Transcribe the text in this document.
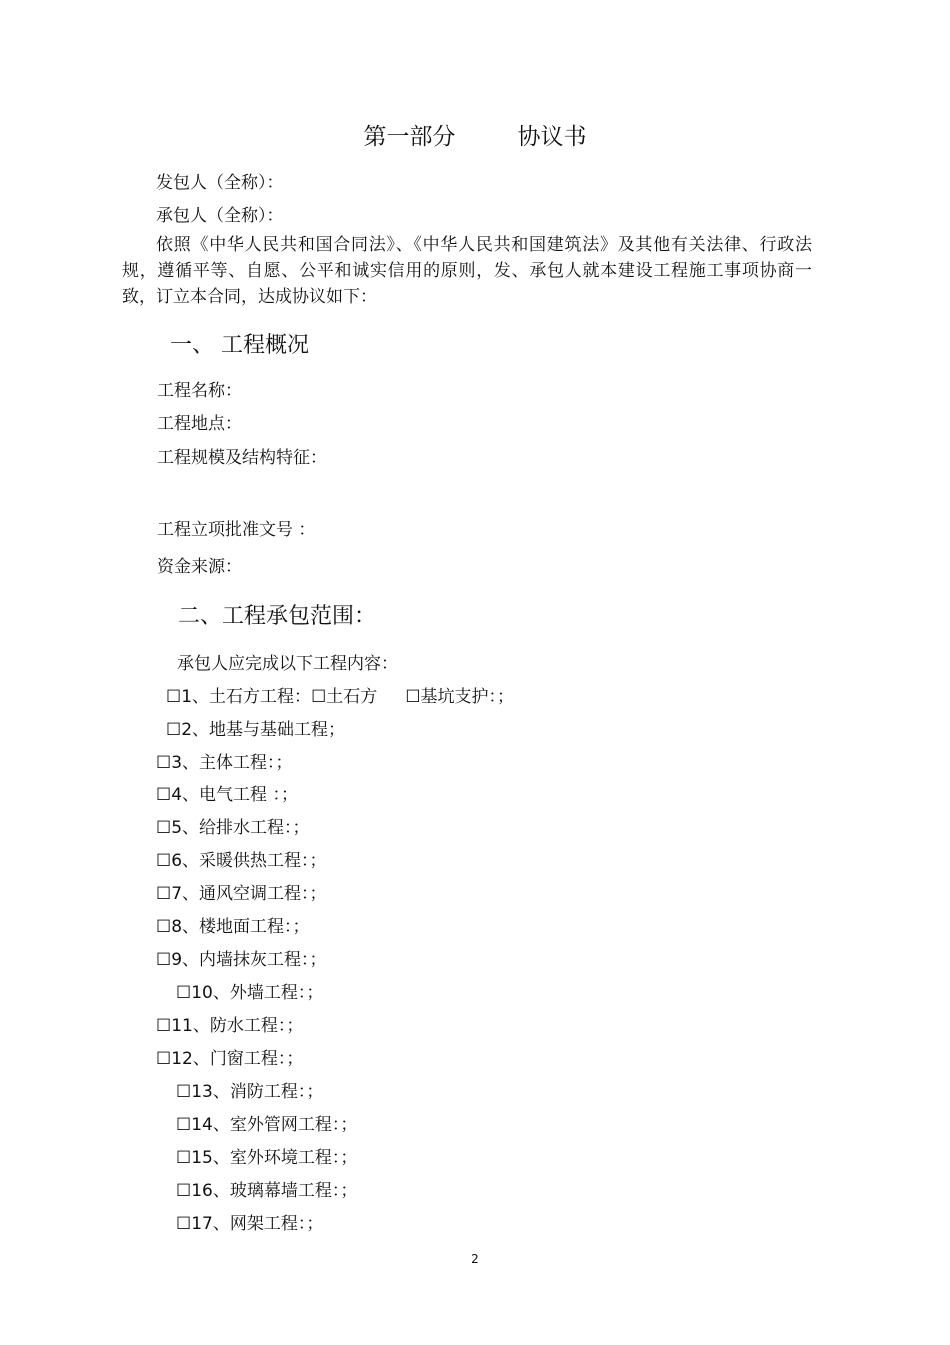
第一部分	协议书
发包人（全称）：
承包人（全称）：
依照《中华人民共和国合同法》、《中华人民共和国建筑法》及其他有关法律、行政法规，遵循平等、自愿、公平和诚实信用的原则，发、承包人就本建设工程施工事项协商一致，订立本合同，达成协议如下：
一、 工程概况
工程名称：
工程地点：
工程规模及结构特征：
工程立项批准文号 ：
资金来源：
二、工程承包范围：
承包人应完成以下工程内容：
☐1、土石方工程：☐土石方 ☐基坑支护：；
☐2、地基与基础工程；
☐3、主体工程：；
☐4、电气工程 ：；
☐5、给排水工程：；
☐6、采暖供热工程：；
☐7、通风空调工程：；
☐8、楼地面工程：；
☐9、内墙抹灰工程：；
☐10、外墙工程：；
☐11、防水工程：；
☐12、门窗工程：；
☐13、消防工程：；
☐14、室外管网工程：；
☐15、室外环境工程：；
☐16、玻璃幕墙工程：；
☐17、网架工程：；
2
